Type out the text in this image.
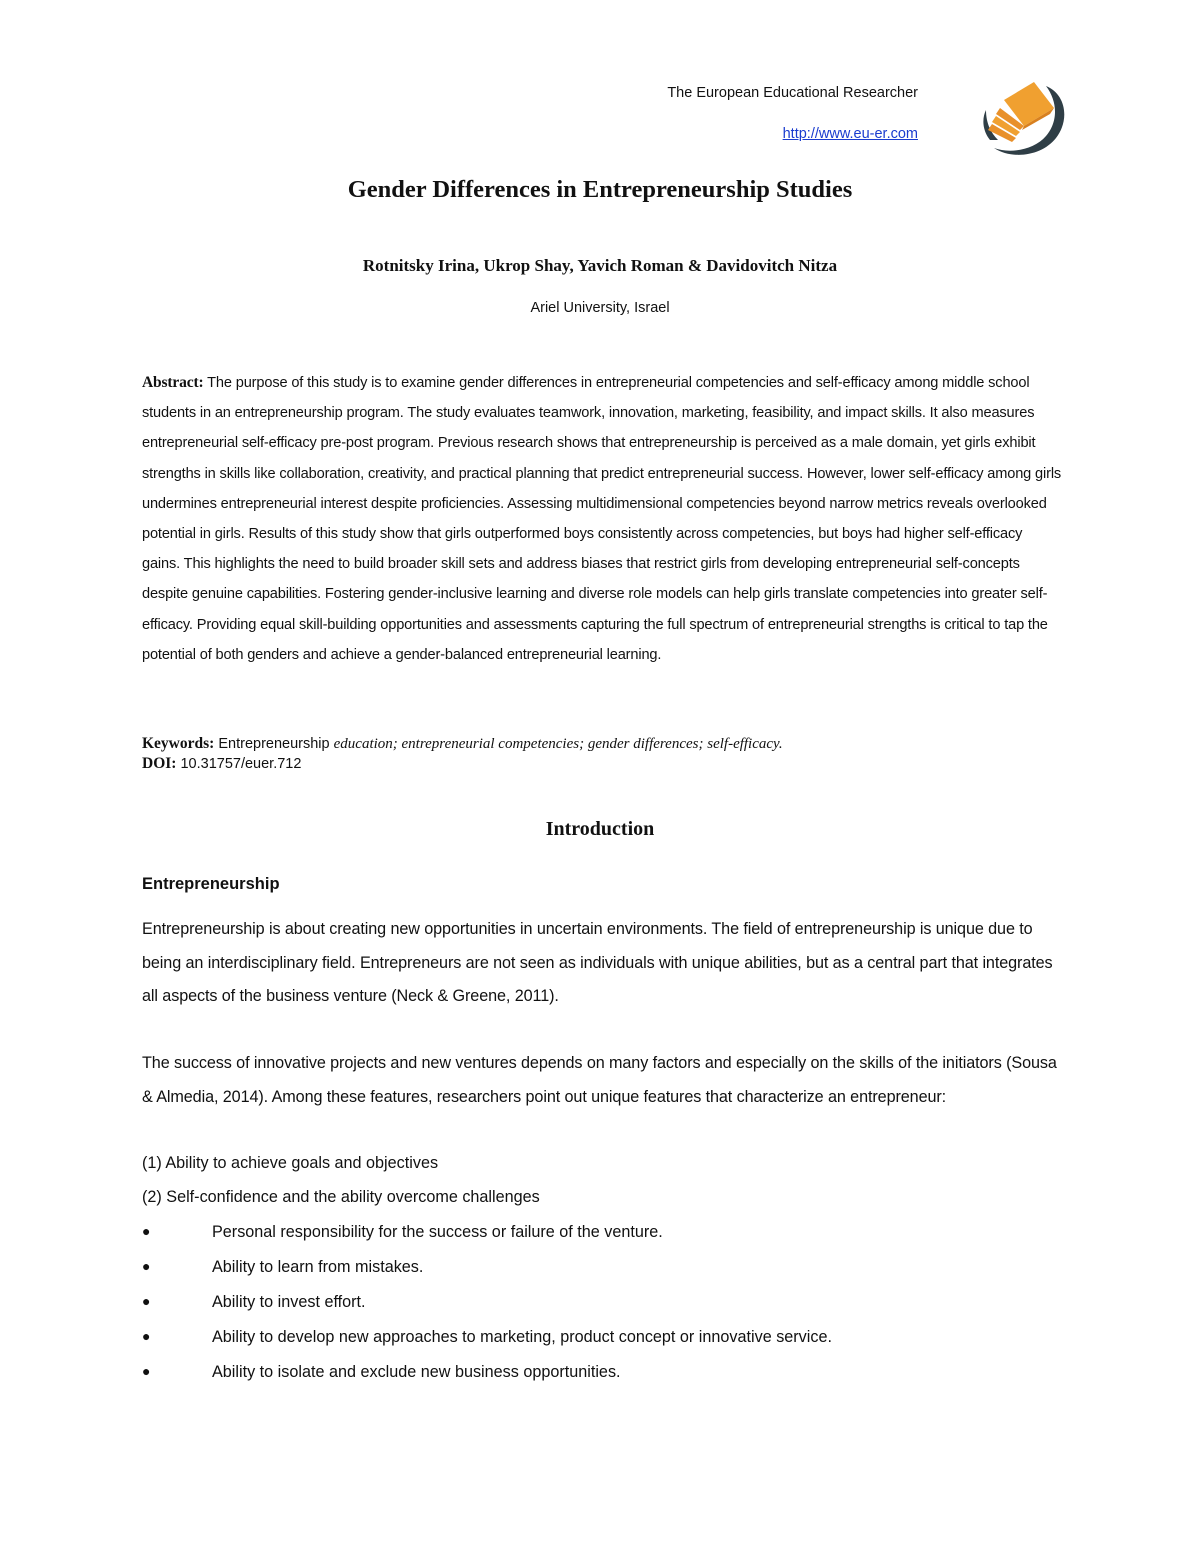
The European Educational Researcher
http://www.eu-er.com
Gender Differences in Entrepreneurship Studies
Rotnitsky Irina, Ukrop Shay, Yavich Roman & Davidovitch Nitza
Ariel University, Israel
Abstract: The purpose of this study is to examine gender differences in entrepreneurial competencies and self-efficacy among middle school students in an entrepreneurship program. The study evaluates teamwork, innovation, marketing, feasibility, and impact skills. It also measures entrepreneurial self-efficacy pre-post program. Previous research shows that entrepreneurship is perceived as a male domain, yet girls exhibit strengths in skills like collaboration, creativity, and practical planning that predict entrepreneurial success. However, lower self-efficacy among girls undermines entrepreneurial interest despite proficiencies. Assessing multidimensional competencies beyond narrow metrics reveals overlooked potential in girls. Results of this study show that girls outperformed boys consistently across competencies, but boys had higher self-efficacy gains. This highlights the need to build broader skill sets and address biases that restrict girls from developing entrepreneurial self-concepts despite genuine capabilities. Fostering gender-inclusive learning and diverse role models can help girls translate competencies into greater self-efficacy. Providing equal skill-building opportunities and assessments capturing the full spectrum of entrepreneurial strengths is critical to tap the potential of both genders and achieve a gender-balanced entrepreneurial learning.
Keywords: Entrepreneurship education; entrepreneurial competencies; gender differences; self-efficacy.
DOI: 10.31757/euer.712
Introduction
Entrepreneurship
Entrepreneurship is about creating new opportunities in uncertain environments. The field of entrepreneurship is unique due to being an interdisciplinary field. Entrepreneurs are not seen as individuals with unique abilities, but as a central part that integrates all aspects of the business venture (Neck & Greene, 2011).
The success of innovative projects and new ventures depends on many factors and especially on the skills of the initiators (Sousa & Almedia, 2014). Among these features, researchers point out unique features that characterize an entrepreneur:
(1) Ability to achieve goals and objectives
(2) Self-confidence and the ability overcome challenges
●	Personal responsibility for the success or failure of the venture.
●	Ability to learn from mistakes.
●	Ability to invest effort.
●	Ability to develop new approaches to marketing, product concept or innovative service.
●	Ability to isolate and exclude new business opportunities.
